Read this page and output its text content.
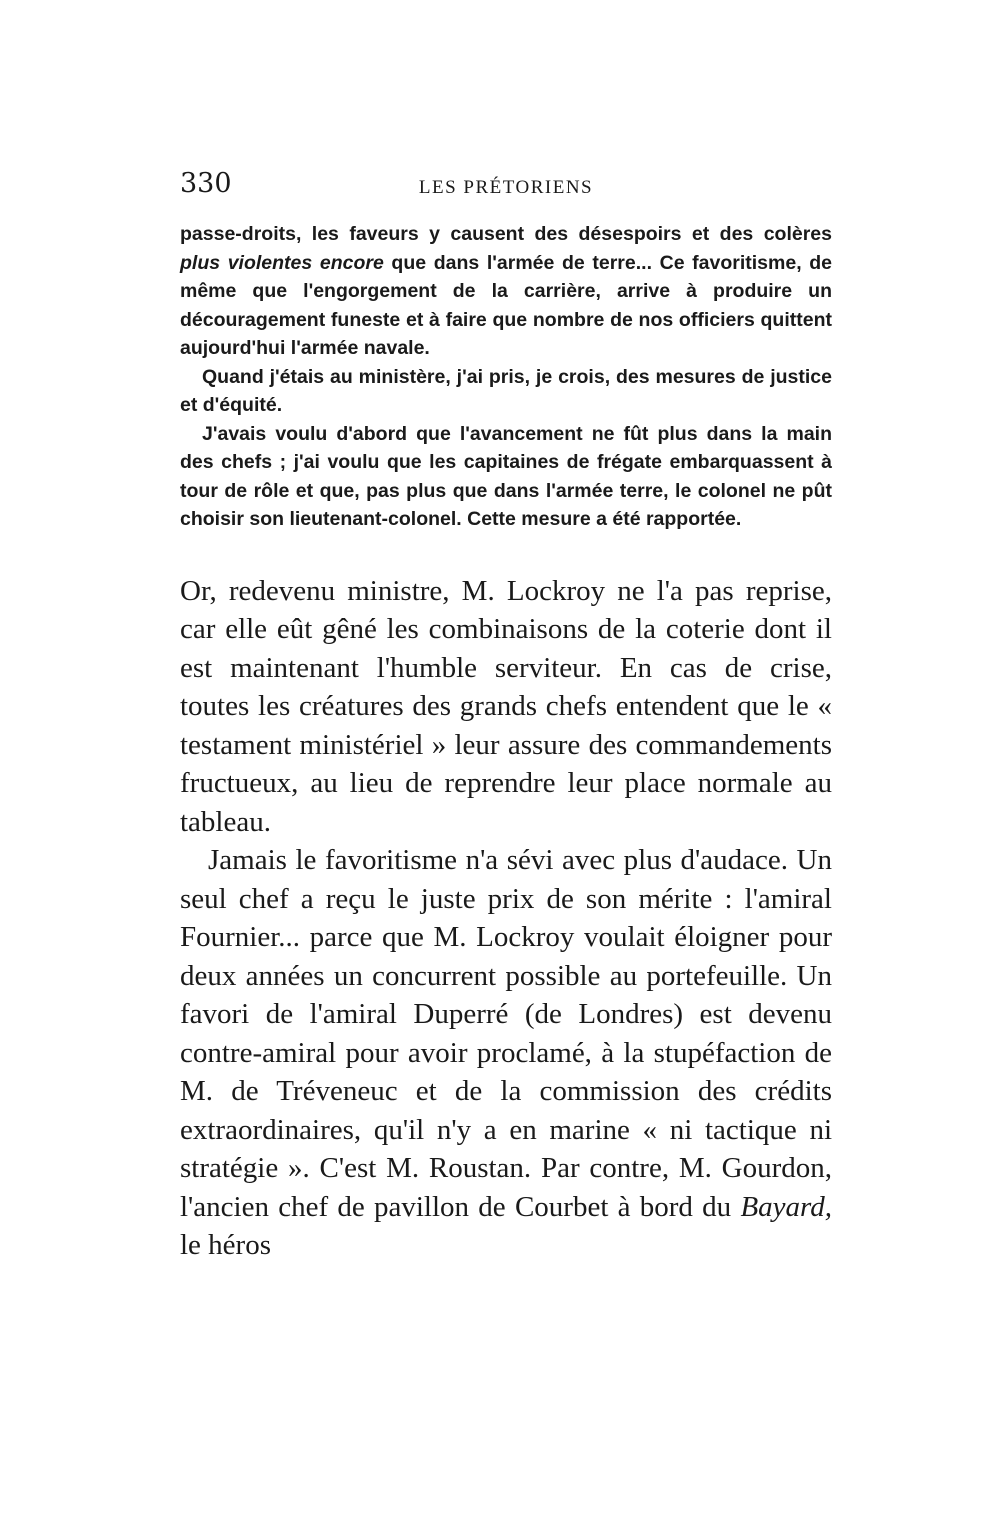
330	LES PRÉTORIENS

passe-droits, les faveurs y causent des désespoirs et des colères plus violentes encore que dans l'armée de terre... Ce favoritisme, de même que l'engorgement de la carrière, arrive à produire un découragement funeste et à faire que nombre de nos officiers quittent aujourd'hui l'armée navale.

Quand j'étais au ministère, j'ai pris, je crois, des mesures de justice et d'équité.

J'avais voulu d'abord que l'avancement ne fût plus dans la main des chefs ; j'ai voulu que les capitaines de frégate embarquassent à tour de rôle et que, pas plus que dans l'armée terre, le colonel ne pût choisir son lieutenant-colonel. Cette mesure a été rapportée.

Or, redevenu ministre, M. Lockroy ne l'a pas reprise, car elle eût gêné les combinaisons de la coterie dont il est maintenant l'humble serviteur. En cas de crise, toutes les créatures des grands chefs entendent que le « testament ministériel » leur assure des commandements fructueux, au lieu de reprendre leur place normale au tableau.

Jamais le favoritisme n'a sévi avec plus d'audace. Un seul chef a reçu le juste prix de son mérite : l'amiral Fournier... parce que M. Lockroy voulait éloigner pour deux années un concurrent possible au portefeuille. Un favori de l'amiral Duperré (de Londres) est devenu contre-amiral pour avoir proclamé, à la stupéfaction de M. de Tréveneuc et de la commission des crédits extraordinaires, qu'il n'y a en marine « ni tactique ni stratégie ». C'est M. Roustan. Par contre, M. Gourdon, l'ancien chef de pavillon de Courbet à bord du Bayard, le héros
